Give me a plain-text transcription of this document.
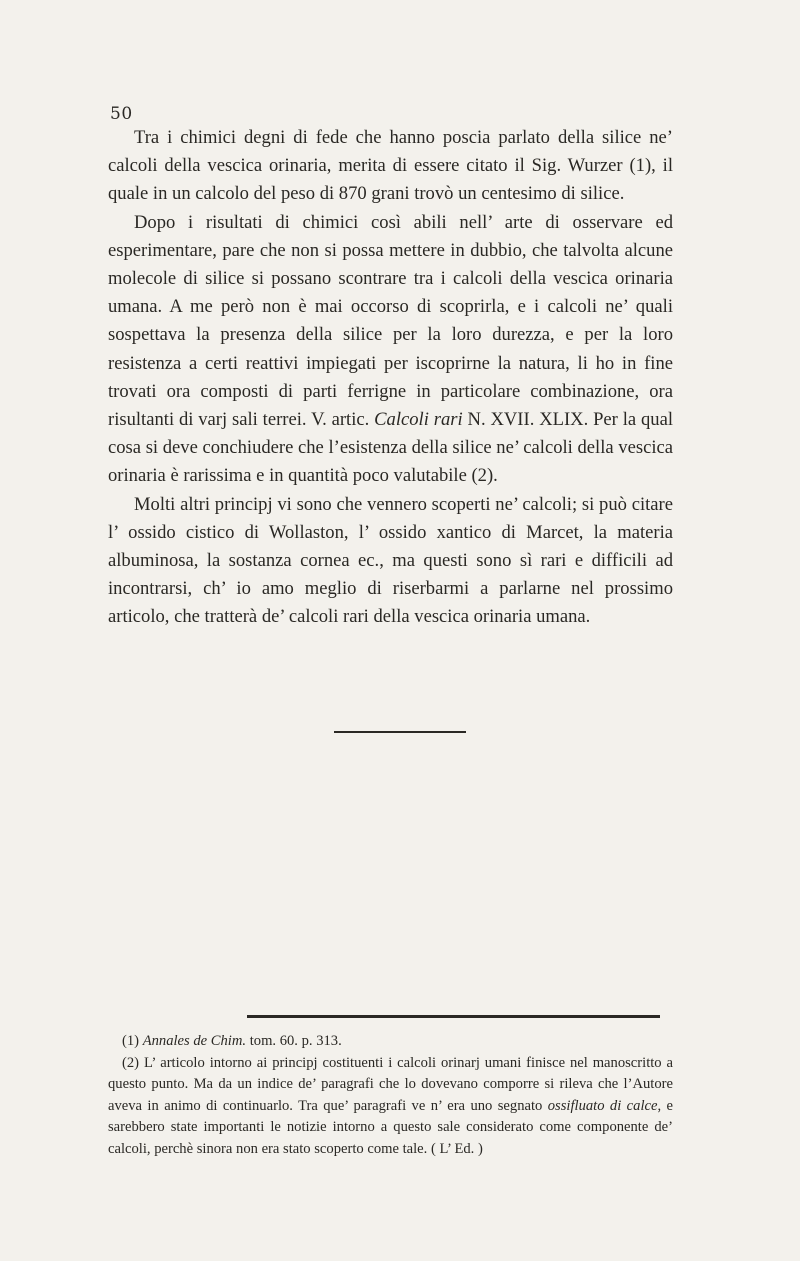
50

Tra i chimici degni di fede che hanno poscia parlato della silice ne’ calcoli della vescica orinaria, merita di essere citato il Sig. Wurzer (1), il quale in un calcolo del peso di 870 grani trovò un centesimo di silice.

Dopo i risultati di chimici così abili nell’ arte di osservare ed esperimentare, pare che non si possa mettere in dubbio, che talvolta alcune molecole di silice si possano scontrare tra i calcoli della vescica orinaria umana. A me però non è mai occorso di scoprirla, e i calcoli ne’ quali sospettava la presenza della silice per la loro durezza, e per la loro resistenza a certi reattivi impiegati per iscoprirne la natura, li ho in fine trovati ora composti di parti ferrigne in particolare combinazione, ora risultanti di varj sali terrei. V. artic. Calcoli rari N. XVII. XLIX. Per la qual cosa si deve conchiudere che l’esistenza della silice ne’ calcoli della vescica orinaria è rarissima e in quantità poco valutabile (2).

Molti altri principj vi sono che vennero scoperti ne’ calcoli; si può citare l’ ossido cistico di Wollaston, l’ ossido xantico di Marcet, la materia albuminosa, la sostanza cornea ec., ma questi sono sì rari e difficili ad incontrarsi, ch’ io amo meglio di riserbarmi a parlarne nel prossimo articolo, che tratterà de’ calcoli rari della vescica orinaria umana.

(1) Annales de Chim. tom. 60. p. 313.

(2) L’ articolo intorno ai principj costituenti i calcoli orinarj umani finisce nel manoscritto a questo punto. Ma da un indice de’ paragrafi che lo dovevano comporre si rileva che l’Autore aveva in animo di continuarlo. Tra que’ paragrafi ve n’ era uno segnato ossifluato di calce, e sarebbero state importanti le notizie intorno a questo sale considerato come componente de’ calcoli, perchè sinora non era stato scoperto come tale. ( L’ Ed. )
